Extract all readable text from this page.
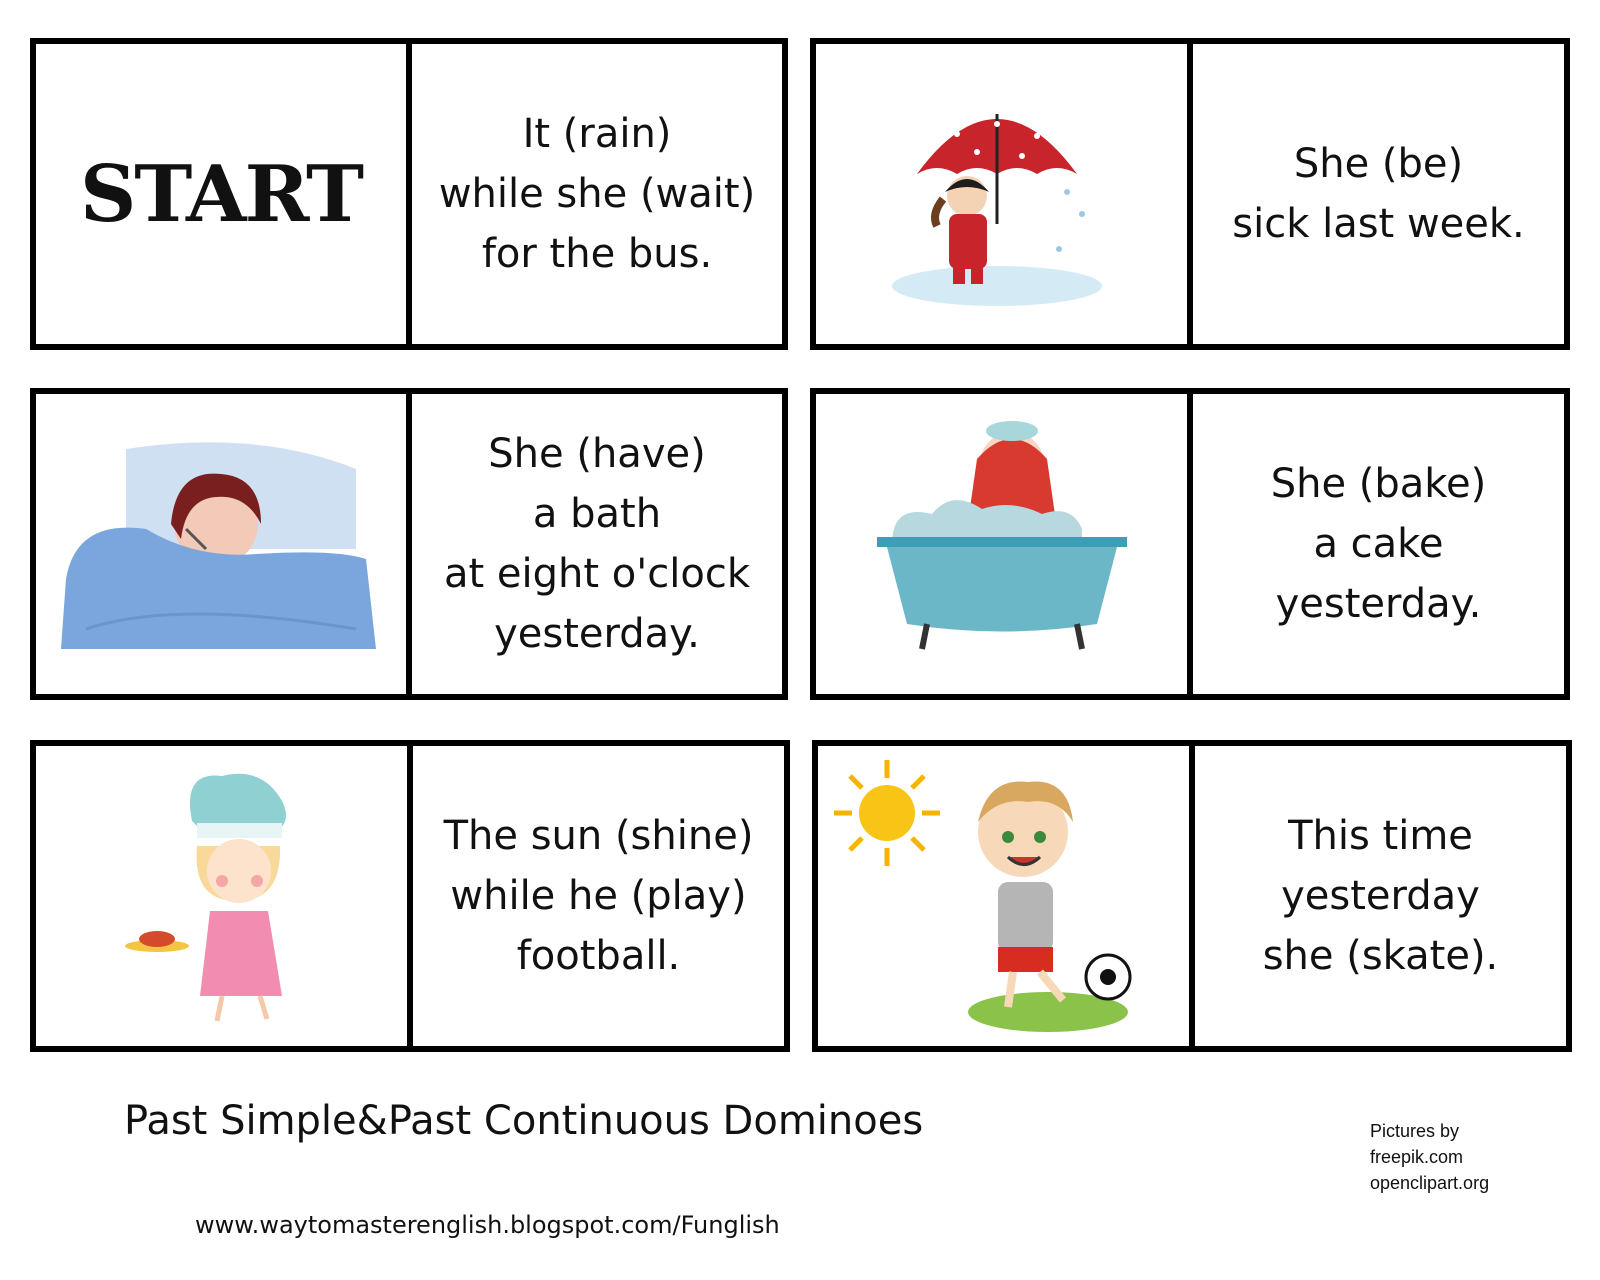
START
It (rain)
while she (wait)
for the bus.
She (be)
sick last week.
She (have)
a bath
at eight o'clock
yesterday.
She (bake)
a cake
yesterday.
The sun (shine)
while he (play)
football.
This time
yesterday
she (skate).
Past Simple&Past Continuous Dominoes
www.waytomasterenglish.blogspot.com/Funglish
Pictures by
freepik.com
openclipart.org
